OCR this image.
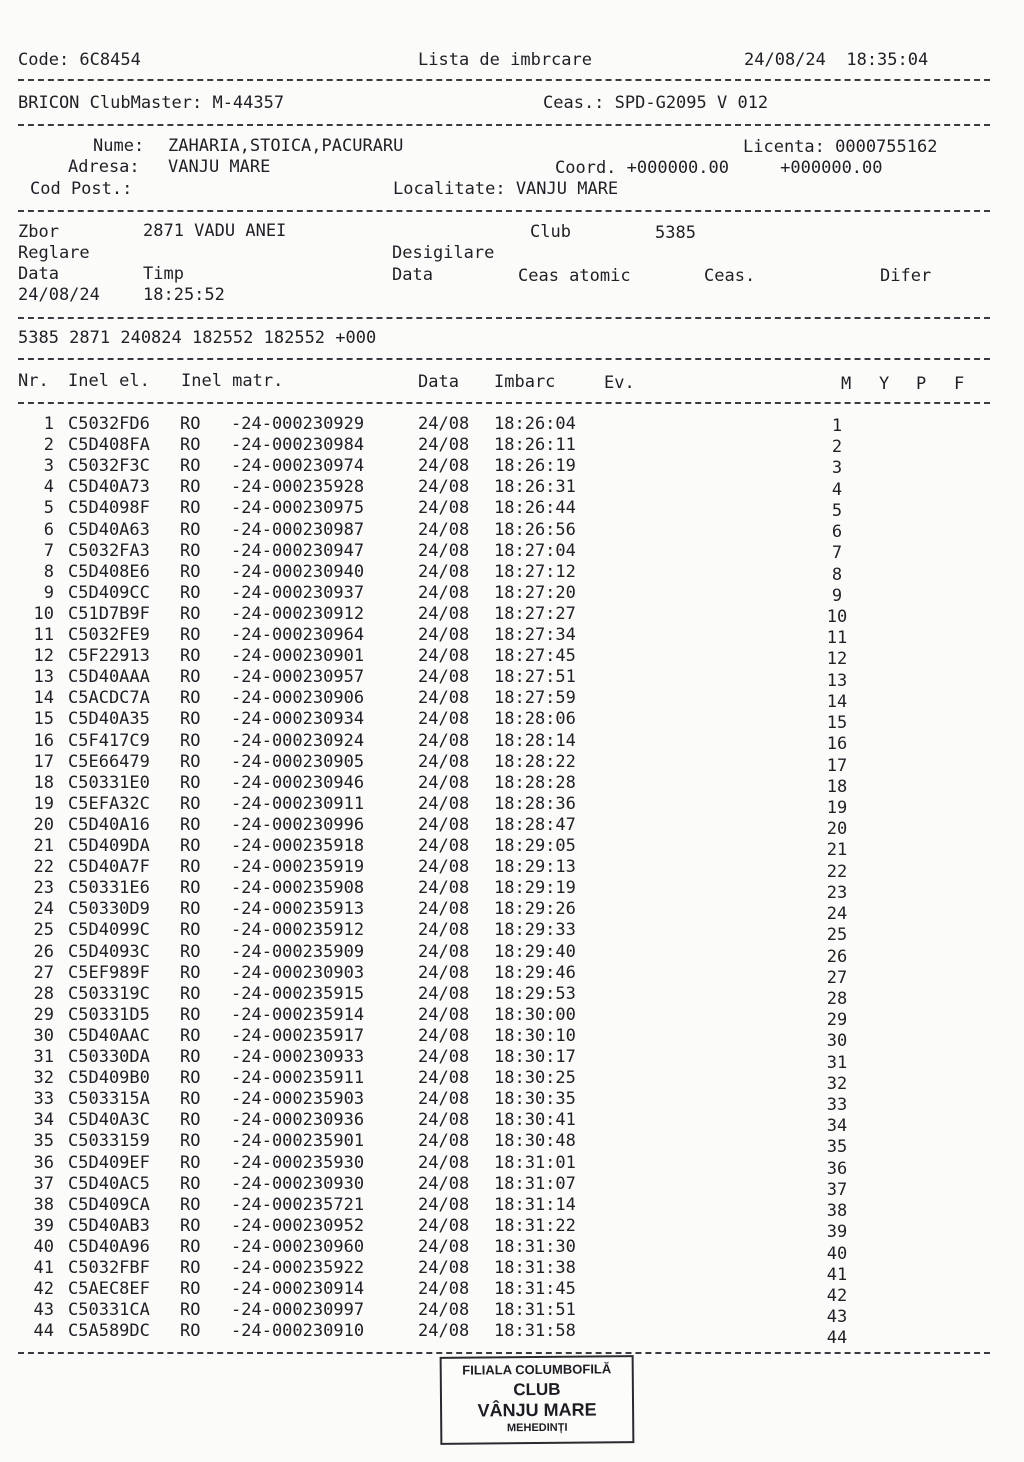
Code: 6C8454	Lista de imbrcare	24/08/24  18:35:04
BRICON ClubMaster: M-44357	Ceas.: SPD-G2095 V 012
Nume: ZAHARIA,STOICA,PACURARU	Licenta: 0000755162
Adresa: VANJU MARE	Coord. +000000.00     +000000.00
Cod Post.:	Localitate: VANJU MARE
Zbor	2871 VADU ANEI	Club	5385
Reglare	Desigilare
Data	Timp	Data	Ceas atomic	Ceas.	Difer
24/08/24	18:25:52
5385 2871 240824 182552 182552 +000
Nr. Inel el. Inel matr.	Data Imbarc	Ev.	M Y P F
1 C5032FD6 RO -24-000230929	24/08 18:26:04	1
2 C5D408FA RO -24-000230984	24/08 18:26:11	2
3 C5032F3C RO -24-000230974	24/08 18:26:19	3
4 C5D40A73 RO -24-000235928	24/08 18:26:31	4
5 C5D4098F RO -24-000230975	24/08 18:26:44	5
6 C5D40A63 RO -24-000230987	24/08 18:26:56	6
7 C5032FA3 RO -24-000230947	24/08 18:27:04	7
8 C5D408E6 RO -24-000230940	24/08 18:27:12	8
9 C5D409CC RO -24-000230937	24/08 18:27:20	9
10 C51D7B9F RO -24-000230912	24/08 18:27:27	10
11 C5032FE9 RO -24-000230964	24/08 18:27:34	11
12 C5F22913 RO -24-000230901	24/08 18:27:45	12
13 C5D40AAA RO -24-000230957	24/08 18:27:51	13
14 C5ACDC7A RO -24-000230906	24/08 18:27:59	14
15 C5D40A35 RO -24-000230934	24/08 18:28:06	15
16 C5F417C9 RO -24-000230924	24/08 18:28:14	16
17 C5E66479 RO -24-000230905	24/08 18:28:22	17
18 C50331E0 RO -24-000230946	24/08 18:28:28	18
19 C5EFA32C RO -24-000230911	24/08 18:28:36	19
20 C5D40A16 RO -24-000230996	24/08 18:28:47	20
21 C5D409DA RO -24-000235918	24/08 18:29:05	21
22 C5D40A7F RO -24-000235919	24/08 18:29:13	22
23 C50331E6 RO -24-000235908	24/08 18:29:19	23
24 C50330D9 RO -24-000235913	24/08 18:29:26	24
25 C5D4099C RO -24-000235912	24/08 18:29:33	25
26 C5D4093C RO -24-000235909	24/08 18:29:40	26
27 C5EF989F RO -24-000230903	24/08 18:29:46	27
28 C503319C RO -24-000235915	24/08 18:29:53	28
29 C50331D5 RO -24-000235914	24/08 18:30:00	29
30 C5D40AAC RO -24-000235917	24/08 18:30:10	30
31 C50330DA RO -24-000230933	24/08 18:30:17	31
32 C5D409B0 RO -24-000235911	24/08 18:30:25	32
33 C503315A RO -24-000235903	24/08 18:30:35	33
34 C5D40A3C RO -24-000230936	24/08 18:30:41	34
35 C5033159 RO -24-000235901	24/08 18:30:48	35
36 C5D409EF RO -24-000235930	24/08 18:31:01	36
37 C5D40AC5 RO -24-000230930	24/08 18:31:07	37
38 C5D409CA RO -24-000235721	24/08 18:31:14	38
39 C5D40AB3 RO -24-000230952	24/08 18:31:22	39
40 C5D40A96 RO -24-000230960	24/08 18:31:30	40
41 C5032FBF RO -24-000235922	24/08 18:31:38	41
42 C5AEC8EF RO -24-000230914	24/08 18:31:45	42
43 C50331CA RO -24-000230997	24/08 18:31:51	43
44 C5A589DC RO -24-000230910	24/08 18:31:58	44
FILIALA COLUMBOFILĂ
CLUB
VÂNJU MARE
MEHEDINȚI
